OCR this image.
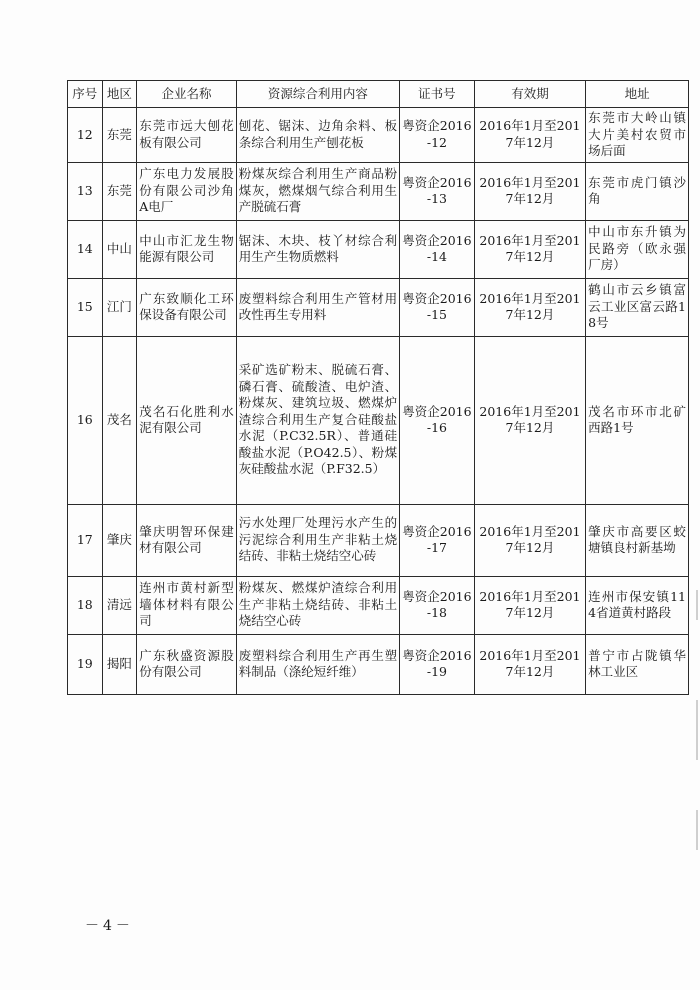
序号	地区	企业名称	资源综合利用内容	证书号	有效期	地址
12	东莞	东莞市远大刨花板有限公司	刨花、锯沫、边角余料、板条综合利用生产刨花板	粤资企2016-12	2016年1月至2017年12月	东莞市大岭山镇大片美村农贸市场后面
13	东莞	广东电力发展股份有限公司沙角A电厂	粉煤灰综合利用生产商品粉煤灰，燃煤烟气综合利用生产脱硫石膏	粤资企2016-13	2016年1月至2017年12月	东莞市虎门镇沙角
14	中山	中山市汇龙生物能源有限公司	锯沫、木块、枝丫材综合利用生产生物质燃料	粤资企2016-14	2016年1月至2017年12月	中山市东升镇为民路旁（欧永强厂房）
15	江门	广东致顺化工环保设备有限公司	废塑料综合利用生产管材用改性再生专用料	粤资企2016-15	2016年1月至2017年12月	鹤山市云乡镇富云工业区富云路18号
16	茂名	茂名石化胜利水泥有限公司	采矿选矿粉末、脱硫石膏、磷石膏、硫酸渣、电炉渣、粉煤灰、建筑垃圾、燃煤炉渣综合利用生产复合硅酸盐水泥（P.C32.5R）、普通硅酸盐水泥（P.O42.5）、粉煤灰硅酸盐水泥（P.F32.5）	粤资企2016-16	2016年1月至2017年12月	茂名市环市北矿西路1号
17	肇庆	肇庆明智环保建材有限公司	污水处理厂处理污水产生的污泥综合利用生产非粘土烧结砖、非粘土烧结空心砖	粤资企2016-17	2016年1月至2017年12月	肇庆市高要区蛟塘镇良村新基坳
18	清远	连州市黄村新型墙体材料有限公司	粉煤灰、燃煤炉渣综合利用生产非粘土烧结砖、非粘土烧结空心砖	粤资企2016-18	2016年1月至2017年12月	连州市保安镇114省道黄村路段
19	揭阳	广东秋盛资源股份有限公司	废塑料综合利用生产再生塑料制品（涤纶短纤维）	粤资企2016-19	2016年1月至2017年12月	普宁市占陇镇华林工业区
－4－
